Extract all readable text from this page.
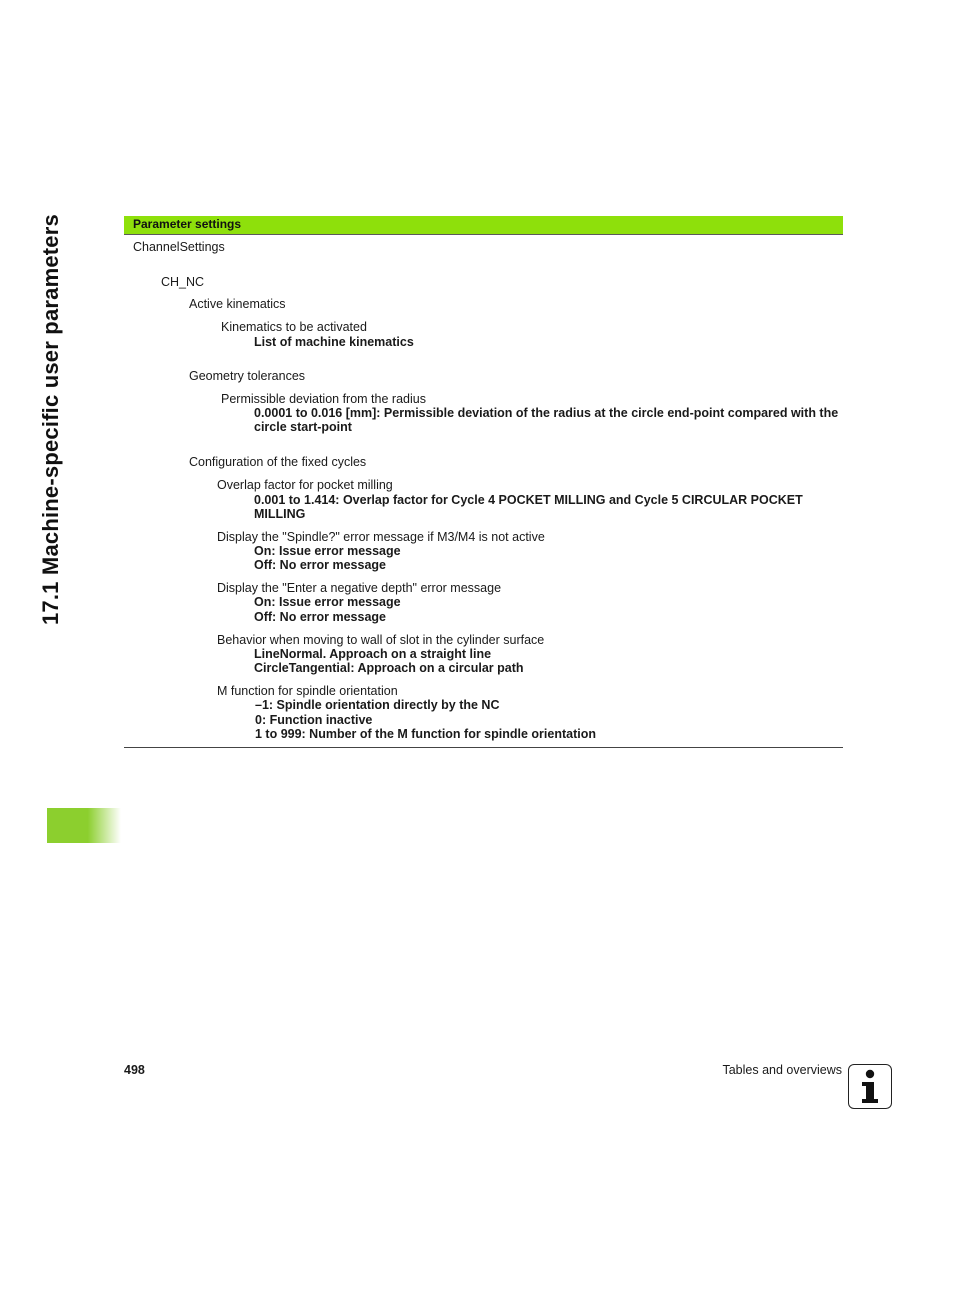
17.1 Machine-specific user parameters	Parameter settings
ChannelSettings
CH_NC
Active kinematics
Kinematics to be activated
List of machine kinematics
Geometry tolerances
Permissible deviation from the radius
0.0001 to 0.016 [mm]: Permissible deviation of the radius at the circle end-point compared with the circle start-point
Configuration of the fixed cycles
Overlap factor for pocket milling
0.001 to 1.414: Overlap factor for Cycle 4 POCKET MILLING and Cycle 5 CIRCULAR POCKET MILLING
Display the "Spindle?" error message if M3/M4 is not active
On: Issue error message
Off: No error message
Display the "Enter a negative depth" error message
On: Issue error message
Off: No error message
Behavior when moving to wall of slot in the cylinder surface
LineNormal. Approach on a straight line
CircleTangential: Approach on a circular path
M function for spindle orientation
–1: Spindle orientation directly by the NC
0: Function inactive
1 to 999: Number of the M function for spindle orientation
498	Tables and overviews
